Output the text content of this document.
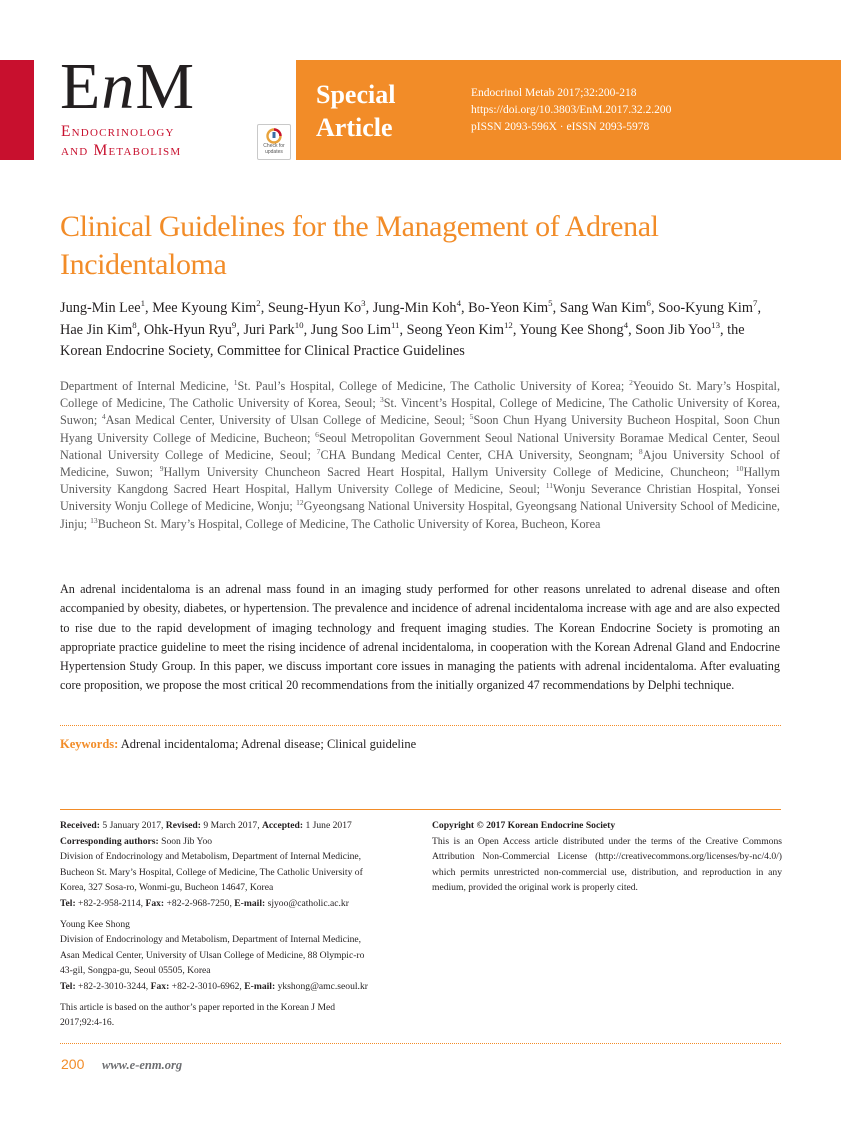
EnM
Endocrinology
and Metabolism	Check for updates
Special
Article
Endocrinol Metab 2017;32:200-218
https://doi.org/10.3803/EnM.2017.32.2.200
pISSN 2093-596X · eISSN 2093-5978
Clinical Guidelines for the Management of Adrenal Incidentaloma
Jung-Min Lee$^1$, Mee Kyoung Kim$^2$, Seung-Hyun Ko$^3$, Jung-Min Koh$^4$, Bo-Yeon Kim$^5$, Sang Wan Kim$^6$, Soo-Kyung Kim$^7$, Hae Jin Kim$^8$, Ohk-Hyun Ryu$^9$, Juri Park$^{10}$, Jung Soo Lim$^{11}$, Seong Yeon Kim$^{12}$, Young Kee Shong$^4$, Soon Jib Yoo$^{13}$, the Korean Endocrine Society, Committee for Clinical Practice Guidelines
Department of Internal Medicine, $^1$St. Paul’s Hospital, College of Medicine, The Catholic University of Korea; $^2$Yeouido St. Mary’s Hospital, College of Medicine, The Catholic University of Korea, Seoul; $^3$St. Vincent’s Hospital, College of Medicine, The Catholic University of Korea, Suwon; $^4$Asan Medical Center, University of Ulsan College of Medicine, Seoul; $^5$Soon Chun Hyang University Bucheon Hospital, Soon Chun Hyang University College of Medicine, Bucheon; $^6$Seoul Metropolitan Government Seoul National University Boramae Medical Center, Seoul National University College of Medicine, Seoul; $^7$CHA Bundang Medical Center, CHA University, Seongnam; $^8$Ajou University School of Medicine, Suwon; $^9$Hallym University Chuncheon Sacred Heart Hospital, Hallym University College of Medicine, Chuncheon; $^{10}$Hallym University Kangdong Sacred Heart Hospital, Hallym University College of Medicine, Seoul; $^{11}$Wonju Severance Christian Hospital, Yonsei University Wonju College of Medicine, Wonju; $^{12}$Gyeongsang National University Hospital, Gyeongsang National University School of Medicine, Jinju; $^{13}$Bucheon St. Mary’s Hospital, College of Medicine, The Catholic University of Korea, Bucheon, Korea
An adrenal incidentaloma is an adrenal mass found in an imaging study performed for other reasons unrelated to adrenal disease and often accompanied by obesity, diabetes, or hypertension. The prevalence and incidence of adrenal incidentaloma increase with age and are also expected to rise due to the rapid development of imaging technology and frequent imaging studies. The Korean Endocrine Society is promoting an appropriate practice guideline to meet the rising incidence of adrenal incidentaloma, in cooperation with the Korean Adrenal Gland and Endocrine Hypertension Study Group. In this paper, we discuss important core issues in managing the patients with adrenal incidentaloma. After evaluating core proposition, we propose the most critical 20 recommendations from the initially organized 47 recommendations by Delphi technique.
Keywords: Adrenal incidentaloma; Adrenal disease; Clinical guideline

Received: 5 January 2017, Revised: 9 March 2017, Accepted: 1 June 2017

Corresponding authors: Soon Jib Yoo

Division of Endocrinology and Metabolism, Department of Internal Medicine,

Bucheon St. Mary’s Hospital, College of Medicine, The Catholic University of

Korea, 327 Sosa-ro, Wonmi-gu, Bucheon 14647, Korea

Tel: +82-2-958-2114, Fax: +82-2-968-7250, E-mail: sjyoo@catholic.ac.kr

Young Kee Shong

Division of Endocrinology and Metabolism, Department of Internal Medicine,

Asan Medical Center, University of Ulsan College of Medicine, 88 Olympic-ro

43-gil, Songpa-gu, Seoul 05505, Korea

Tel: +82-2-3010-3244, Fax: +82-2-3010-6962, E-mail: ykshong@amc.seoul.kr

This article is based on the author’s paper reported in the Korean J Med

2017;92:4-16.

Copyright © 2017 Korean Endocrine Society

This is an Open Access article distributed under the terms of the Creative Commons Attribution Non-Commercial License (http://creativecommons.org/licenses/by-nc/4.0/) which permits unrestricted non-commercial use, distribution, and reproduction in any medium, provided the original work is properly cited.

200 www.e-enm.org
